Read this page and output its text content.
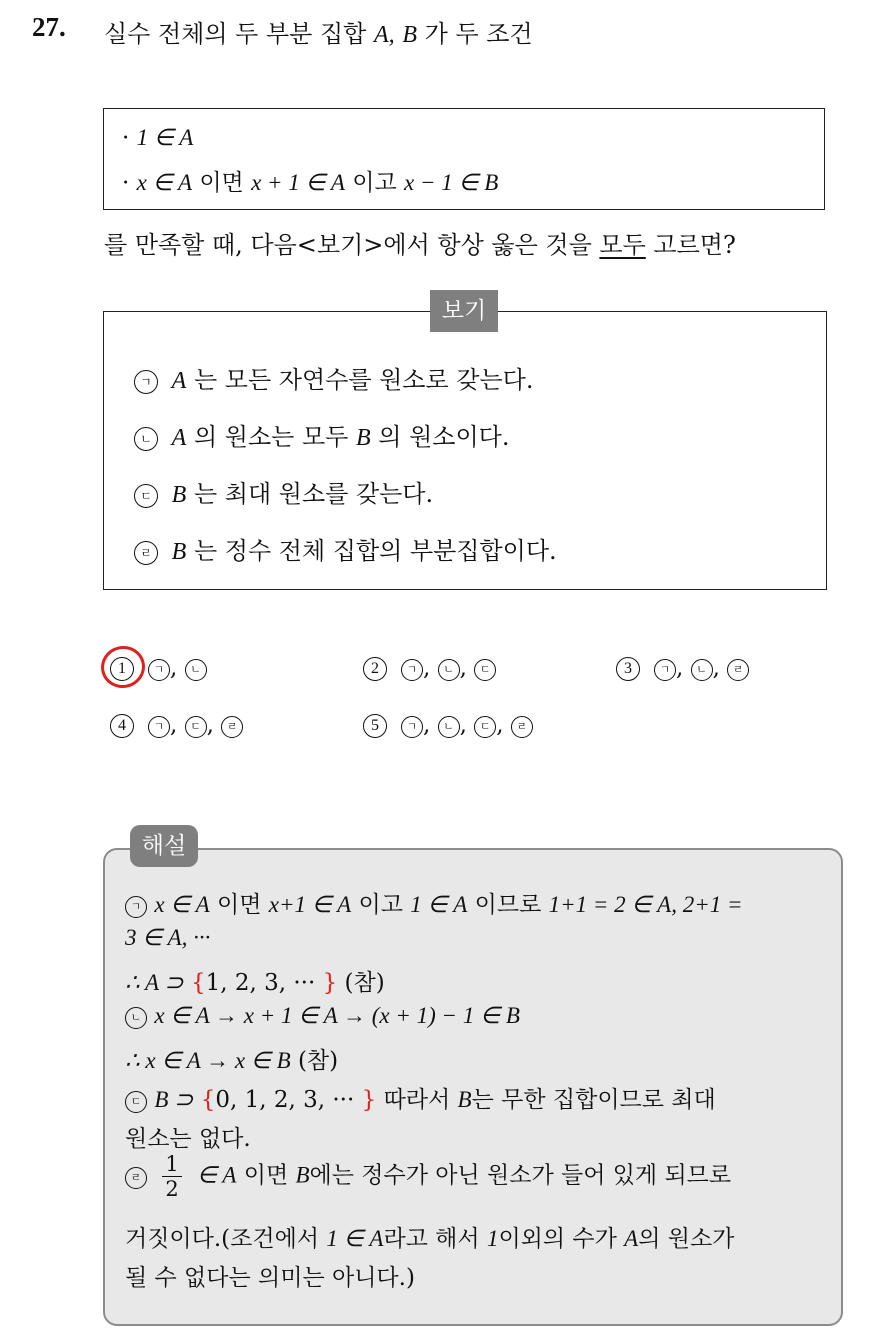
27. 실수 전체의 두 부분 집합 A, B 가 두 조건
· 1 ∈ A
· x ∈ A 이면 x + 1 ∈ A 이고 x − 1 ∈ B
를 만족할 때, 다음<보기>에서 항상 옳은 것을 모두 고르면?
ㄱ A 는 모든 자연수를 원소로 갖는다.
ㄴ A 의 원소는 모두 B 의 원소이다.
ㄷ B 는 최대 원소를 갖는다.
ㄹ B 는 정수 전체 집합의 부분집합이다.
보기
1	ㄱ , ㄴ	2	ㄱ , ㄴ , ㄷ	3	ㄱ , ㄴ , ㄹ
4	ㄱ , ㄷ , ㄹ	5	ㄱ , ㄴ , ㄷ , ㄹ
ㄱ x ∈ A 이면 x+1 ∈ A 이고 1 ∈ A 이므로 1+1 = 2 ∈ A, 2+1 =
3 ∈ A, ···
∴ A ⊃ {1, 2, 3, ··· } (참)
ㄴ x ∈ A → x + 1 ∈ A → (x + 1) − 1 ∈ B
∴ x ∈ A → x ∈ B (참)
ㄷ B ⊃ {0, 1, 2, 3, ··· } 따라서 B는 무한 집합이므로 최대
원소는 없다.
ㄹ $\frac{1}{2}$ ∈ A 이면 B에는 정수가 아닌 원소가 들어 있게 되므로
거짓이다.(조건에서 1 ∈ A라고 해서 1이외의 수가 A의 원소가
될 수 없다는 의미는 아니다.)
해설
